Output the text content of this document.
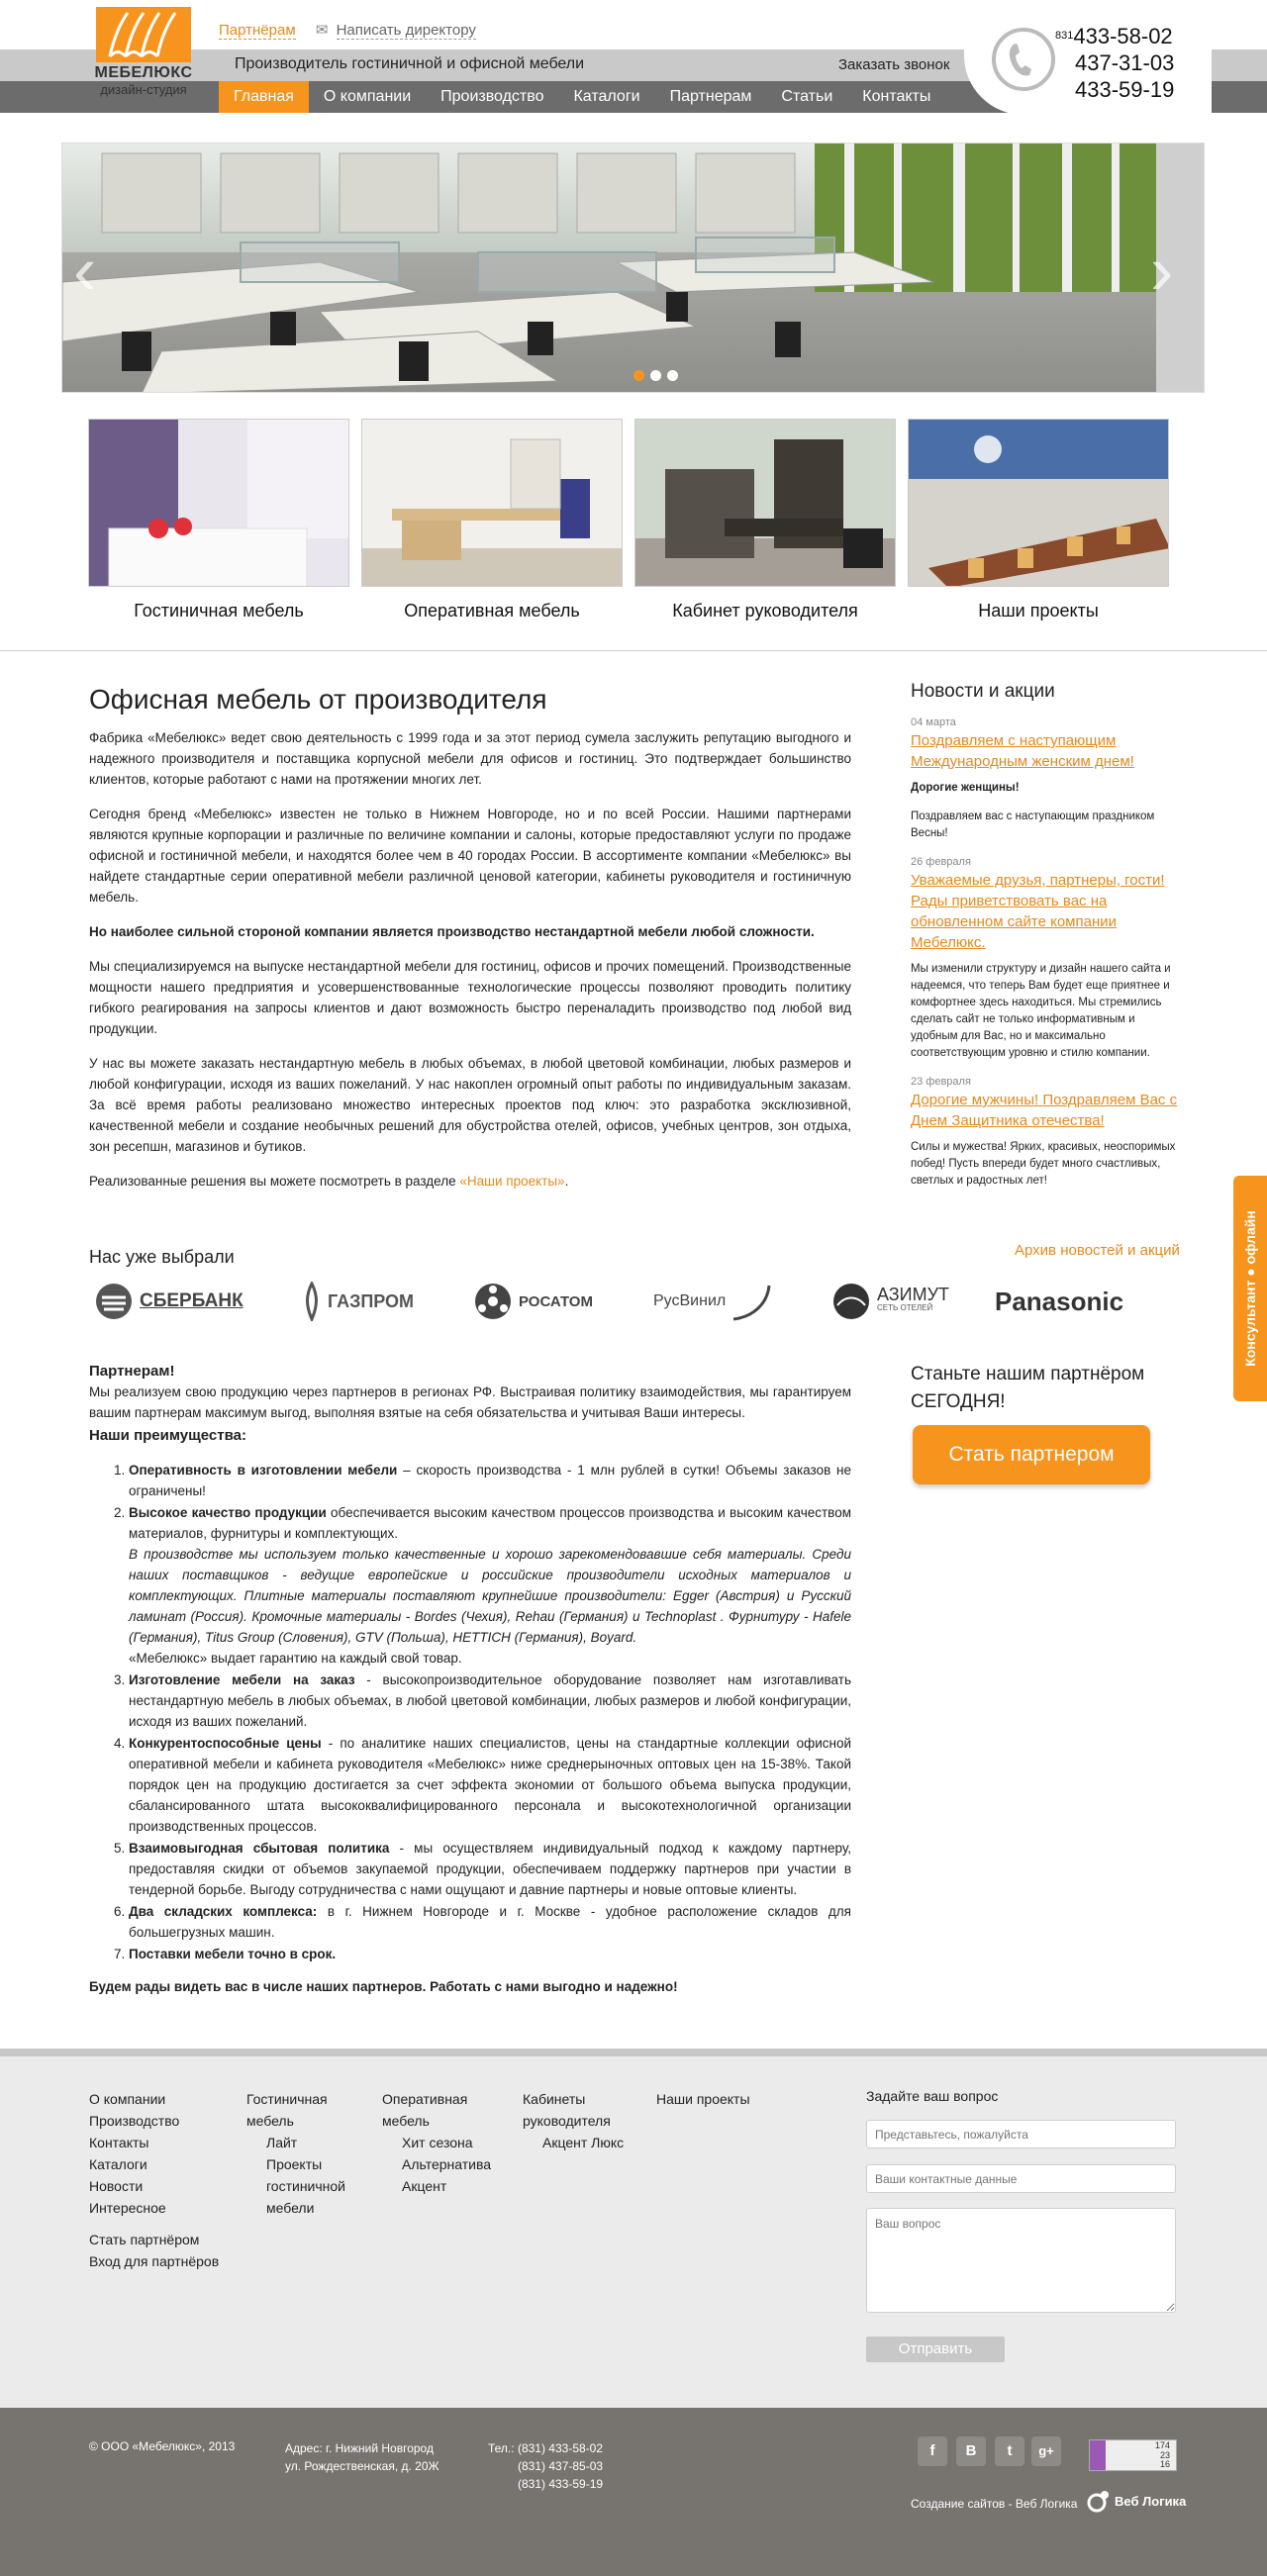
МЕБЕЛЮКС
дизайн-студия
Партнёрам ✉ Написать директору
Производитель гостиничной и офисной мебели	Заказать звонок
Главная	О компании	Производство	Каталоги	Партнерам	Статьи	Контакты
$^{831}$433-58-02
437-31-03
433-59-19
‹	›
Гостиничная мебель	Оперативная мебель	Кабинет руководителя	Наши проекты
Офисная мебель от производителя

Фабрика «Мебелюкс» ведет свою деятельность с 1999 года и за этот период сумела заслужить репутацию выгодного и надежного производителя и поставщика корпусной мебели для офисов и гостиниц. Это подтверждает большинство клиентов, которые работают с нами на протяжении многих лет.

Сегодня бренд «Мебелюкс» известен не только в Нижнем Новгороде, но и по всей России. Нашими партнерами являются крупные корпорации и различные по величине компании и салоны, которые предоставляют услуги по продаже офисной и гостиничной мебели, и находятся более чем в 40 городах России. В ассортименте компании «Мебелюкс» вы найдете стандартные серии оперативной мебели различной ценовой категории, кабинеты руководителя и гостиничную мебель.

Но наиболее сильной стороной компании является производство нестандартной мебели любой сложности.

Мы специализируемся на выпуске нестандартной мебели для гостиниц, офисов и прочих помещений. Производственные мощности нашего предприятия и усовершенствованные технологические процессы позволяют проводить политику гибкого реагирования на запросы клиентов и дают возможность быстро переналадить производство под любой вид продукции.

У нас вы можете заказать нестандартную мебель в любых объемах, в любой цветовой комбинации, любых размеров и любой конфигурации, исходя из ваших пожеланий. У нас накоплен огромный опыт работы по индивидуальным заказам. За всё время работы реализовано множество интересных проектов под ключ: это разработка эксклюзивной, качественной мебели и создание необычных решений для обустройства отелей, офисов, учебных центров, зон отдыха, зон ресепшн, магазинов и бутиков.

Реализованные решения вы можете посмотреть в разделе «Наши проекты».

Нас уже выбрали
СБЕРБАНК	ГАЗПРОМ	РОСАТОМ	РусВинил	АЗИМУТ
СЕТЬ ОТЕЛЕЙ	Panasonic
Партнерам!
Мы реализуем свою продукцию через партнеров в регионах РФ. Выстраивая политику взаимодействия, мы гарантируем вашим партнерам максимум выгод, выполняя взятые на себя обязательства и учитывая Ваши интересы.
Наши преимущества:
1. Оперативность в изготовлении мебели – скорость производства - 1 млн рублей в сутки! Объемы заказов не ограничены!
2. Высокое качество продукции обеспечивается высоким качеством процессов производства и высоким качеством материалов, фурнитуры и комплектующих.
В производстве мы используем только качественные и хорошо зарекомендовавшие себя материалы. Среди наших поставщиков - ведущие европейские и российские производители исходных материалов и комплектующих. Плитные материалы поставляют крупнейшие производители: Egger (Австрия) и Русский ламинат (Россия). Кромочные материалы - Bordes (Чехия), Rehau (Германия) и Technoplast . Фурнитуру - Hafele (Германия), Titus Group (Словения), GTV (Польша), HETTICH (Германия), Boyard.
«Мебелюкс» выдает гарантию на каждый свой товар.
3. Изготовление мебели на заказ - высокопроизводительное оборудование позволяет нам изготавливать нестандартную мебель в любых объемах, в любой цветовой комбинации, любых размеров и любой конфигурации, исходя из ваших пожеланий.
4. Конкурентоспособные цены - по аналитике наших специалистов, цены на стандартные коллекции офисной оперативной мебели и кабинета руководителя «Мебелюкс» ниже среднерыночных оптовых цен на 15-38%. Такой порядок цен на продукцию достигается за счет эффекта экономии от большого объема выпуска продукции, сбалансированного штата высококвалифицированного персонала и высокотехнологичной организации производственных процессов.
5. Взаимовыгодная сбытовая политика - мы осуществляем индивидуальный подход к каждому партнеру, предоставляя скидки от объемов закупаемой продукции, обеспечиваем поддержку партнеров при участии в тендерной борьбе. Выгоду сотрудничества с нами ощущают и давние партнеры и новые оптовые клиенты.
6. Два складских комплекса: в г. Нижнем Новгороде и г. Москве - удобное расположение складов для большегрузных машин.
7. Поставки мебели точно в срок.
Будем рады видеть вас в числе наших партнеров. Работать с нами выгодно и надежно!
Новости и акции
04 марта
Поздравляем с наступающим Международным женским днем!
Дорогие женщины!
Поздравляем вас с наступающим праздником Весны!
26 февраля
Уважаемые друзья, партнеры, гости! Рады приветствовать вас на обновленном сайте компании Мебелюкс.
Мы изменили структуру и дизайн нашего сайта и надеемся, что теперь Вам будет еще приятнее и комфортнее здесь находиться. Мы стремились сделать сайт не только информативным и удобным для Вас, но и максимально соответствующим уровню и стилю компании.
23 февраля
Дорогие мужчины! Поздравляем Вас с Днем Защитника отечества!
Силы и мужества! Ярких, красивых, неоспоримых побед! Пусть впереди будет много счастливых, светлых и радостных лет!
Архив новостей и акций
Станьте нашим партнёром СЕГОДНЯ!
Стать партнером
Консультант ● офлайн
О компании
Производство
Контакты
Каталоги
Новости
Интересное
Стать партнёром
Вход для партнёров
Гостиничная мебель
Лайт
Проекты гостиничной мебели
Оперативная мебель
Хит сезона
Альтернатива
Акцент
Кабинеты руководителя
Акцент Люкс
Наши проекты	Задайте ваш вопрос
Представьтесь, пожалуйста
Ваши контактные данные
Ваш вопрос
Отправить
© ООО «Мебелюкс», 2013	Адрес: г. Нижний Новгород
ул. Рождественская, д. 20Ж
Тел.: (831) 433-58-02
(831) 437-85-03
(831) 433-59-19
f	В	t	g+	174
23
16
Создание сайтов - Веб Логика	Веб Логика
